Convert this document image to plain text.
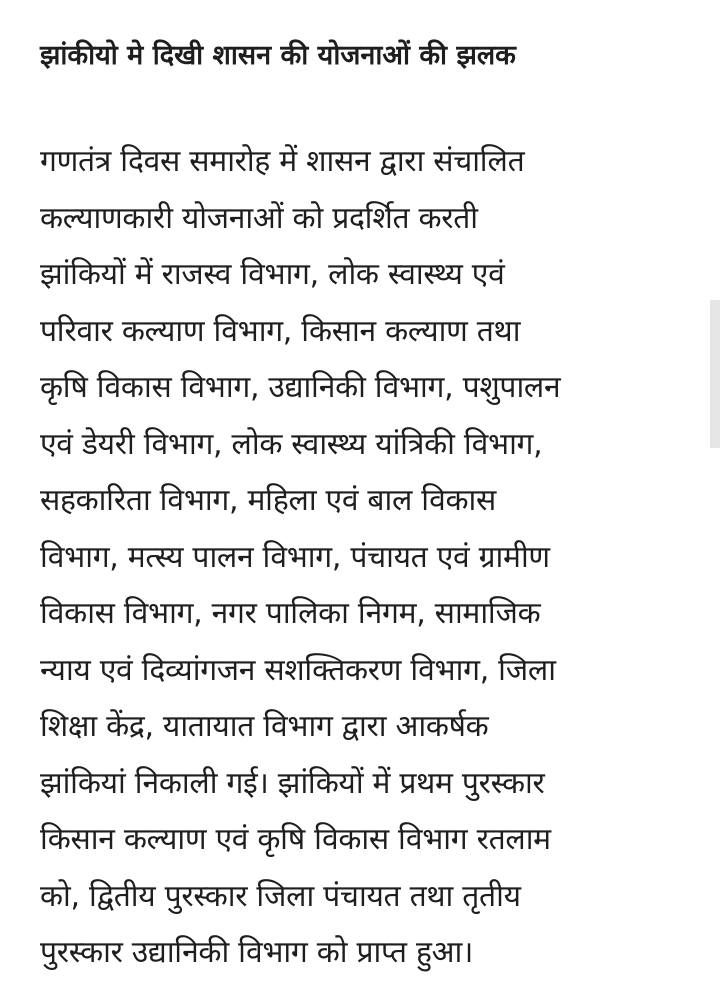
झांकीयो मे दिखी शासन की योजनाओं की झलक
गणतंत्र दिवस समारोह में शासन द्वारा संचालित
कल्याणकारी योजनाओं को प्रदर्शित करती
झांकियों में राजस्व विभाग, लोक स्वास्थ्य एवं
परिवार कल्याण विभाग, किसान कल्याण तथा
कृषि विकास विभाग, उद्यानिकी विभाग, पशुपालन
एवं डेयरी विभाग, लोक स्वास्थ्य यांत्रिकी विभाग,
सहकारिता विभाग, महिला एवं बाल विकास
विभाग, मत्स्य पालन विभाग, पंचायत एवं ग्रामीण
विकास विभाग, नगर पालिका निगम, सामाजिक
न्याय एवं दिव्यांगजन सशक्तिकरण विभाग, जिला
शिक्षा केंद्र, यातायात विभाग द्वारा आकर्षक
झांकियां निकाली गई। झांकियों में प्रथम पुरस्कार
किसान कल्याण एवं कृषि विकास विभाग रतलाम
को, द्वितीय पुरस्कार जिला पंचायत तथा तृतीय
पुरस्कार उद्यानिकी विभाग को प्राप्त हुआ।
